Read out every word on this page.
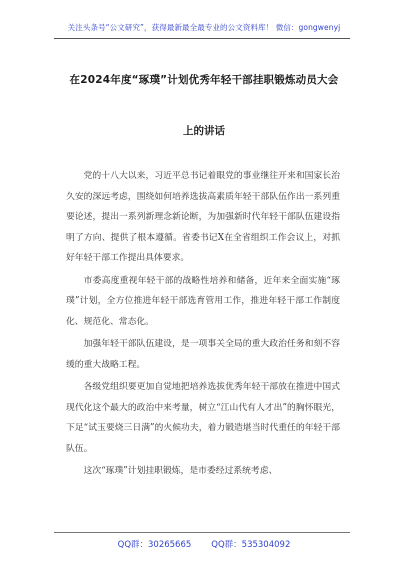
关注头条号“公文研究”，获得最新最全最专业的公文资料库！ 微信：gongwenyj
在2024年度“琢璞”计划优秀年轻干部挂职锻炼动员大会
上的讲话

党的十八大以来，习近平总书记着眼党的事业继往开来和国家长治久安的深远考虑，围绕如何培养选拔高素质年轻干部队伍作出一系列重要论述，提出一系列新理念新论断，为加强新时代年轻干部队伍建设指明了方向、提供了根本遵循。省委书记X在全省组织工作会议上，对抓好年轻干部工作提出具体要求。

市委高度重视年轻干部的战略性培养和储备，近年来全面实施“琢璞”计划，全方位推进年轻干部选育管用工作，推进年轻干部工作制度化、规范化、常态化。

加强年轻干部队伍建设，是一项事关全局的重大政治任务和刻不容缓的重大战略工程。

各级党组织要更加自觉地把培养选拔优秀年轻干部放在推进中国式现代化这个最大的政治中来考量，树立“江山代有人才出”的胸怀眼光，下足“试玉要烧三日满”的火候功夫，着力锻造堪当时代重任的年轻干部队伍。

这次“琢璞”计划挂职锻炼，是市委经过系统考虑、

QQ群：30265665 QQ群：535304092
